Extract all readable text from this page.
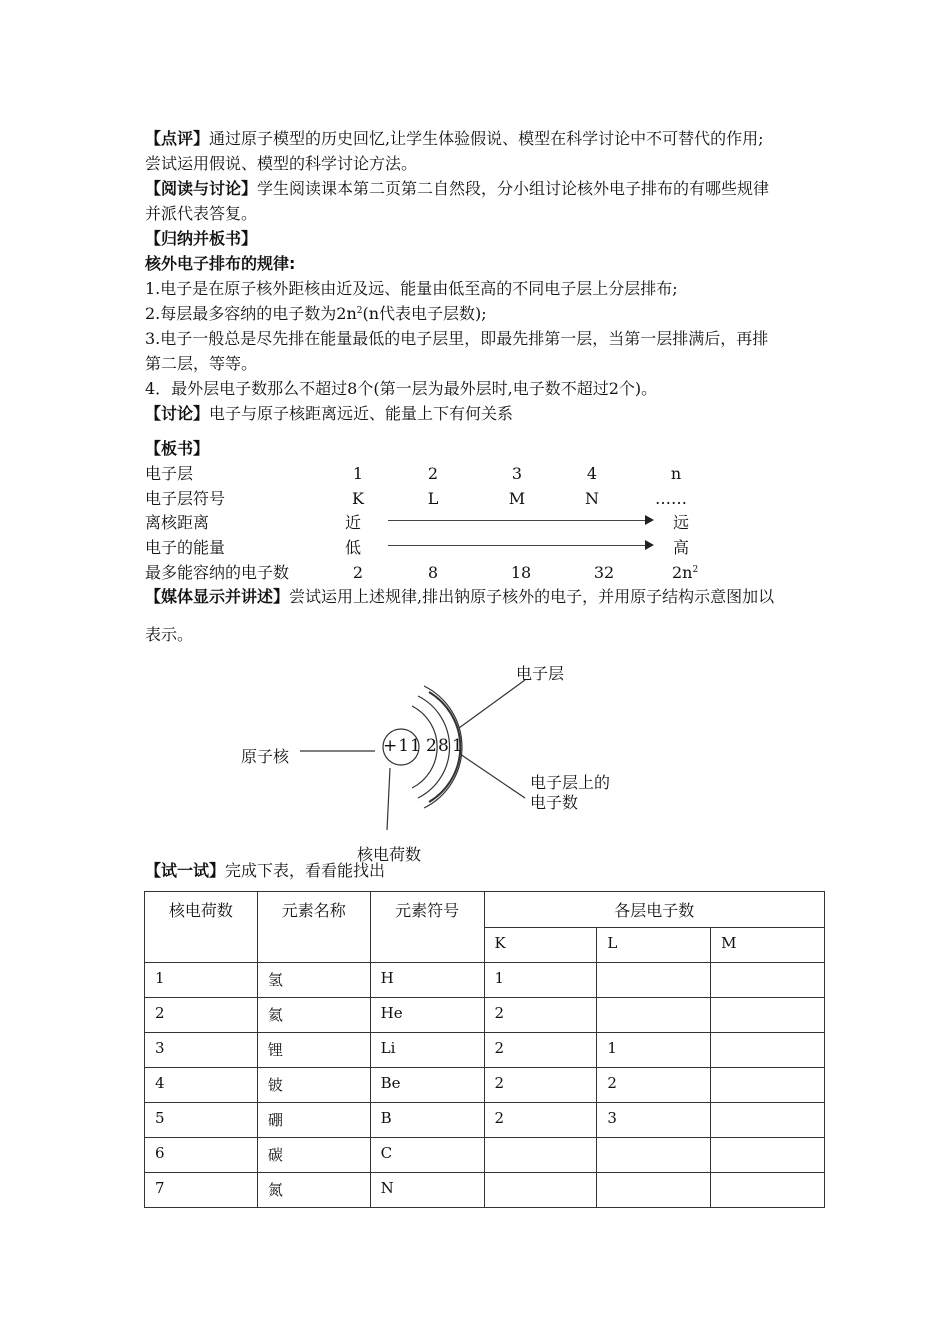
【点评】通过原子模型的历史回忆,让学生体验假说、模型在科学讨论中不可替代的作用;
尝试运用假说、模型的科学讨论方法。
【阅读与讨论】学生阅读课本第二页第二自然段，分小组讨论核外电子排布的有哪些规律
并派代表答复。
【归纳并板书】
核外电子排布的规律:
1.电子是在原子核外距核由近及远、能量由低至高的不同电子层上分层排布;
2.每层最多容纳的电子数为$2n^2(n$代表电子层数);
3.电子一般总是尽先排在能量最低的电子层里，即最先排第一层，当第一层排满后，再排
第二层，等等。
4．最外层电子数那么不超过8个(第一层为最外层时,电子数不超过2个)。
【讨论】电子与原子核距离远近、能量上下有何关系
【板书】
电子层	1	2	3	4	n
电子层符号	K	L	M	N	……
离核距离	近	远
电子的能量	低	高
最多能容纳的电子数	2	8	18	32	$2n^2$
【媒体显示并讲述】尝试运用上述规律,排出钠原子核外的电子，并用原子结构示意图加以
表示。
+11 2 8 1
电子层
原子核
电子层上的
电子数
核电荷数
【试一试】完成下表，看看能找出
核电荷数	元素名称	元素符号	各层电子数		
			K	L	M
1	氢	H	1		
2	氦	He	2		
3	锂	Li	2	1	
4	铍	Be	2	2	
5	硼	B	2	3	
6	碳	C			
7	氮	N			
